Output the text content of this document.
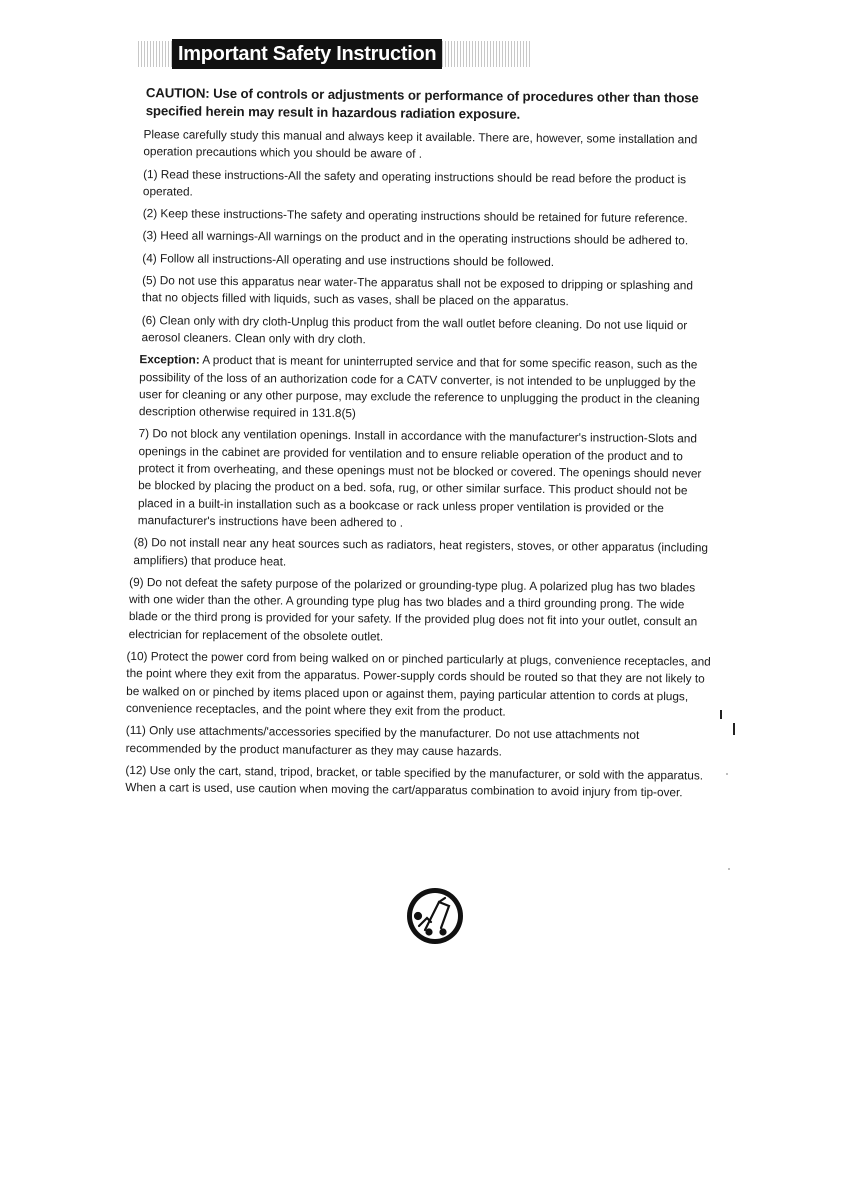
Important Safety Instruction
CAUTION: Use of controls or adjustments or performance of procedures other than those specified herein may result in hazardous radiation exposure.
Please carefully study this manual and always keep it available. There are, however, some installation and operation precautions which you should be aware of .
(1) Read these instructions-All the safety and operating instructions should be read before the product is operated.
(2) Keep these instructions-The safety and operating instructions should be retained for future reference.
(3) Heed all warnings-All warnings on the product and in the operating instructions should be adhered to.
(4) Follow all instructions-All operating and use instructions should be followed.
(5) Do not use this apparatus near water-The apparatus shall not be exposed to dripping or splashing and that no objects filled with liquids, such as vases, shall be placed on the apparatus.
(6) Clean only with dry cloth-Unplug this product from the wall outlet before cleaning. Do not use liquid or aerosol cleaners. Clean only with dry cloth.
Exception: A product that is meant for uninterrupted service and that for some specific reason, such as the possibility of the loss of an authorization code for a CATV converter, is not intended to be unplugged by the user for cleaning or any other purpose, may exclude the reference to unplugging the product in the cleaning description otherwise required in 131.8(5)
7) Do not block any ventilation openings. Install in accordance with the manufacturer's instruction-Slots and openings in the cabinet are provided for ventilation and to ensure reliable operation of the product and to protect it from overheating, and these openings must not be blocked or covered. The openings should never be blocked by placing the product on a bed. sofa, rug, or other similar surface. This product should not be placed in a built-in installation such as a bookcase or rack unless proper ventilation is provided or the manufacturer's instructions have been adhered to .
(8) Do not install near any heat sources such as radiators, heat registers, stoves, or other apparatus (including amplifiers) that produce heat.
(9) Do not defeat the safety purpose of the polarized or grounding-type plug. A polarized plug has two blades with one wider than the other. A grounding type plug has two blades and a third grounding prong. The wide blade or the third prong is provided for your safety. If the provided plug does not fit into your outlet, consult an electrician for replacement of the obsolete outlet.
(10) Protect the power cord from being walked on or pinched particularly at plugs, convenience receptacles, and the point where they exit from the apparatus. Power-supply cords should be routed so that they are not likely to be walked on or pinched by items placed upon or against them, paying particular attention to cords at plugs, convenience receptacles, and the point where they exit from the product.
(11) Only use attachments/'accessories specified by the manufacturer. Do not use attachments not recommended by the product manufacturer as they may cause hazards.
(12) Use only the cart, stand, tripod, bracket, or table specified by the manufacturer, or sold with the apparatus. When a cart is used, use caution when moving the cart/apparatus combination to avoid injury from tip-over.
